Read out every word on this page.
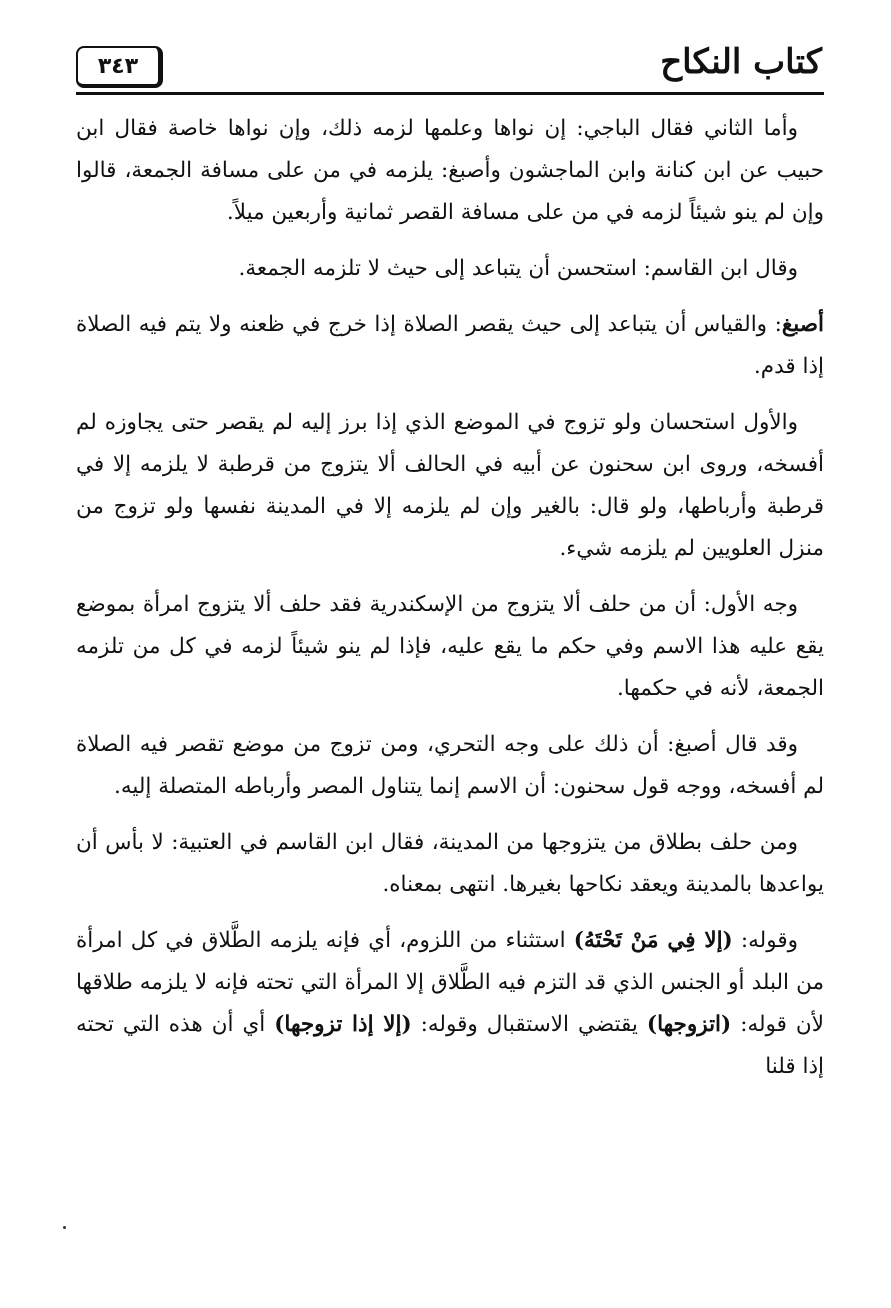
كتاب النكاح
٣٤٣

وأما الثاني فقال الباجي: إن نواها وعلمها لزمه ذلك، وإن نواها خاصة فقال ابن حبيب عن ابن كنانة وابن الماجشون وأصبغ: يلزمه في من على مسافة الجمعة، قالوا وإن لم ينو شيئاً لزمه في من على مسافة القصر ثمانية وأربعين ميلاً.

وقال ابن القاسم: استحسن أن يتباعد إلى حيث لا تلزمه الجمعة.

أصبغ: والقياس أن يتباعد إلى حيث يقصر الصلاة إذا خرج في ظعنه ولا يتم فيه الصلاة إذا قدم.

والأول استحسان ولو تزوج في الموضع الذي إذا برز إليه لم يقصر حتى يجاوزه لم أفسخه، وروى ابن سحنون عن أبيه في الحالف ألا يتزوج من قرطبة لا يلزمه إلا في قرطبة وأرباطها، ولو قال: بالغير وإن لم يلزمه إلا في المدينة نفسها ولو تزوج من منزل العلويين لم يلزمه شيء.

وجه الأول: أن من حلف ألا يتزوج من الإسكندرية فقد حلف ألا يتزوج امرأة بموضع يقع عليه هذا الاسم وفي حكم ما يقع عليه، فإذا لم ينو شيئاً لزمه في كل من تلزمه الجمعة، لأنه في حكمها.

وقد قال أصبغ: أن ذلك على وجه التحري، ومن تزوج من موضع تقصر فيه الصلاة لم أفسخه، ووجه قول سحنون: أن الاسم إنما يتناول المصر وأرباطه المتصلة إليه.

ومن حلف بطلاق من يتزوجها من المدينة، فقال ابن القاسم في العتبية: لا بأس أن يواعدها بالمدينة ويعقد نكاحها بغيرها. انتهى بمعناه.

وقوله: (إلا فِي مَنْ تَحْتَهُ) استثناء من اللزوم، أي فإنه يلزمه الطَّلاق في كل امرأة من البلد أو الجنس الذي قد التزم فيه الطَّلاق إلا المرأة التي تحته فإنه لا يلزمه طلاقها لأن قوله: (اتزوجها) يقتضي الاستقبال وقوله: (إلا إذا تزوجها) أي أن هذه التي تحته إذا قلنا
